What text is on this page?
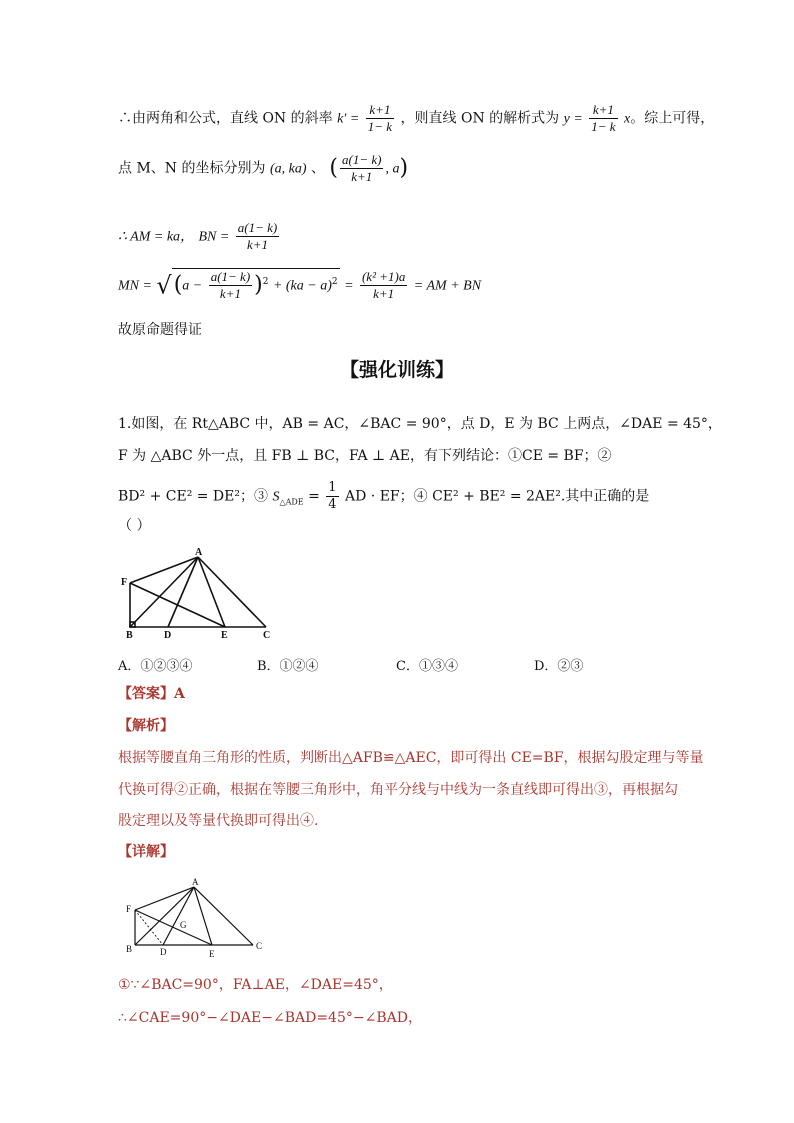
∴由两角和公式，直线 ON 的斜率 $k' = \frac{k+1}{1- k}$ ，则直线 ON 的解析式为 $y = \frac{k+1}{1- k}$ x。综上可得，
点 M、N 的坐标分别为 (a, ka) 、 ( $\frac{a(1- k)}{k+1}$ , a)
∴ AM = ka， BN = $\frac{a(1- k)}{k+1}$
MN = $√(a - \frac{a(1- k)}{k+1} )^2 + (ka - a)^2 = \frac{\text{(k² +1)a}}{k+1}$ = AM + BN
故原命题得证
【强化训练】
1.如图，在 Rt△ABC 中，AB = AC，∠BAC = 90°，点 D，E 为 BC 上两点，∠DAE = 45°，
F 为 △ABC 外一点，且 FB ⊥ BC，FA ⊥ AE，有下列结论：①CE = BF；②
BD² + CE² = DE²；③ $S_{\triangle ADE} = \frac{1}{4}$ AD · EF；④ CE² + BE² = 2AE².其中正确的是
（ ）
A
F
B	D	E	C
A．①②③④	B．①②④	C．①③④	D．②③
【答案】A
【解析】
根据等腰直角三角形的性质，判断出△AFB≌△AEC，即可得出 CE=BF，根据勾股定理与等量
代换可得②正确，根据在等腰三角形中，角平分线与中线为一条直线即可得出③，再根据勾
股定理以及等量代换即可得出④.
【详解】
A
F
G
B	D	E
C
①∵∠BAC=90°，FA⊥AE，∠DAE=45°，
∴∠CAE=90°−∠DAE−∠BAD=45°−∠BAD，
